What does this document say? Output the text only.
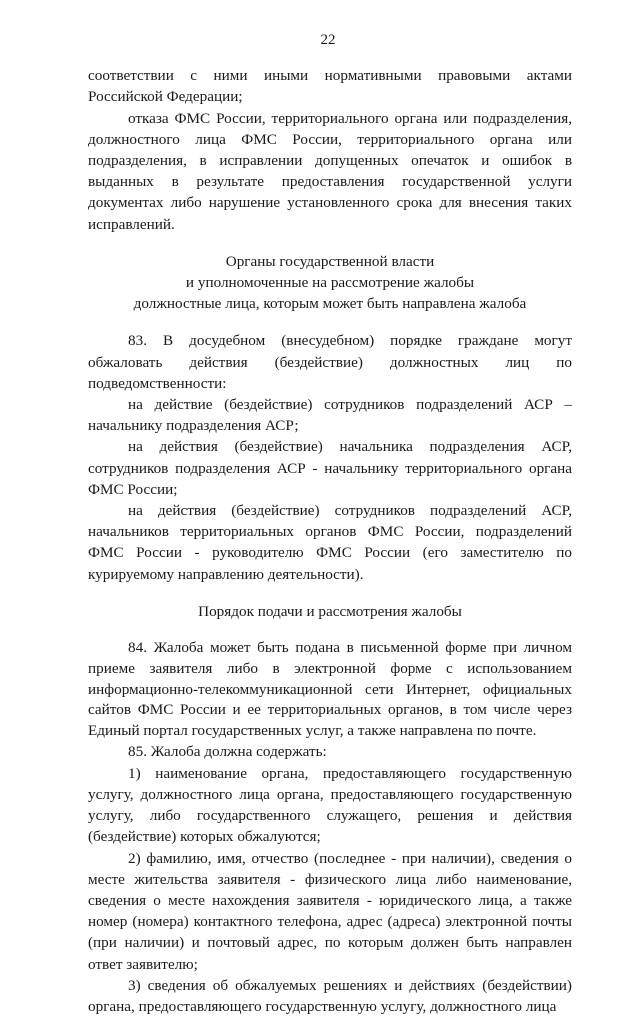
22

соответствии с ними иными нормативными правовыми актами Российской Федерации;

отказа ФМС России, территориального органа или подразделения, должностного лица ФМС России, территориального органа или подразделения, в исправлении допущенных опечаток и ошибок в выданных в результате предоставления государственной услуги документах либо нарушение установленного срока для внесения таких исправлений.

Органы государственной власти

и уполномоченные на рассмотрение жалобы

должностные лица, которым может быть направлена жалоба

83. В досудебном (внесудебном) порядке граждане могут обжаловать действия (бездействие) должностных лиц по подведомственности:

на действие (бездействие) сотрудников подразделений АСР – начальнику подразделения АСР;

на действия (бездействие) начальника подразделения АСР, сотрудников подразделения АСР - начальнику территориального органа ФМС России;

на действия (бездействие) сотрудников подразделений АСР, начальников территориальных органов ФМС России, подразделений ФМС России - руководителю ФМС России (его заместителю по курируемому направлению деятельности).

Порядок подачи и рассмотрения жалобы

84. Жалоба может быть подана в письменной форме при личном приеме заявителя либо в электронной форме с использованием информационно-телекоммуникационной сети Интернет, официальных сайтов ФМС России и ее территориальных органов, в том числе через Единый портал государственных услуг, а также направлена по почте.

85. Жалоба должна содержать:

1) наименование органа, предоставляющего государственную услугу, должностного лица органа, предоставляющего государственную услугу, либо государственного служащего, решения и действия (бездействие) которых обжалуются;

2) фамилию, имя, отчество (последнее - при наличии), сведения о месте жительства заявителя - физического лица либо наименование, сведения о месте нахождения заявителя - юридического лица, а также номер (номера) контактного телефона, адрес (адреса) электронной почты (при наличии) и почтовый адрес, по которым должен быть направлен ответ заявителю;

3) сведения об обжалуемых решениях и действиях (бездействии) органа, предоставляющего государственную услугу, должностного лица
